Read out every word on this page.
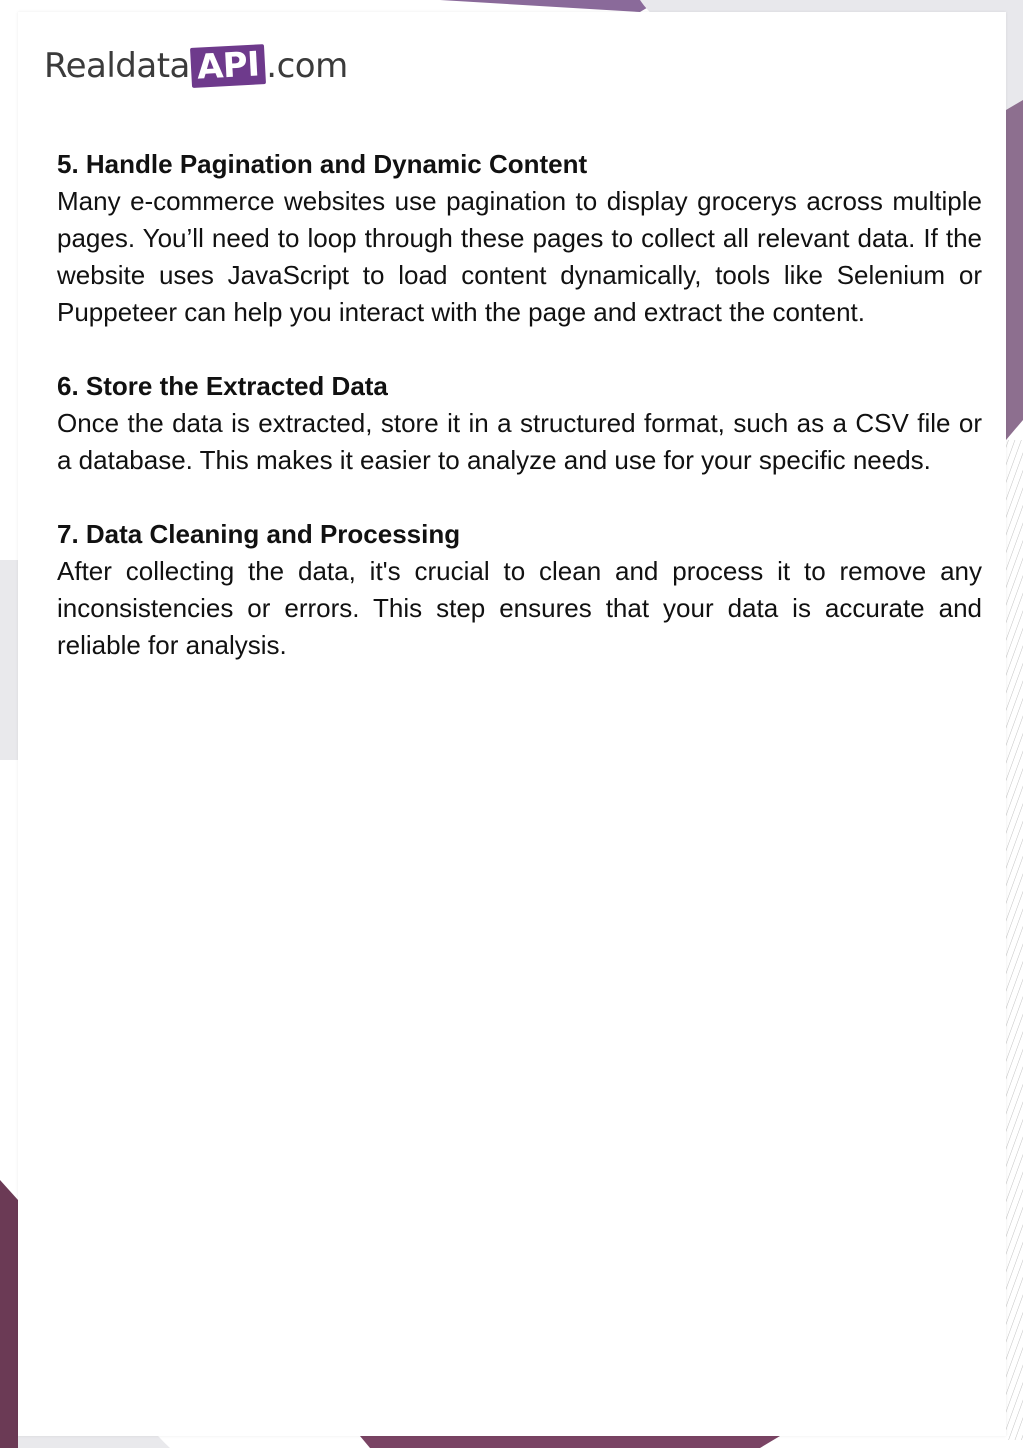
Realdata API .com
5. Handle Pagination and Dynamic Content

Many e-commerce websites use pagination to display grocerys across multiple pages. You’ll need to loop through these pages to collect all relevant data. If the website uses JavaScript to load content dynamically, tools like Selenium or Puppeteer can help you interact with the page and extract the content.

6. Store the Extracted Data

Once the data is extracted, store it in a structured format, such as a CSV file or a database. This makes it easier to analyze and use for your specific needs.

7. Data Cleaning and Processing

After collecting the data, it's crucial to clean and process it to remove any inconsistencies or errors. This step ensures that your data is accurate and reliable for analysis.
